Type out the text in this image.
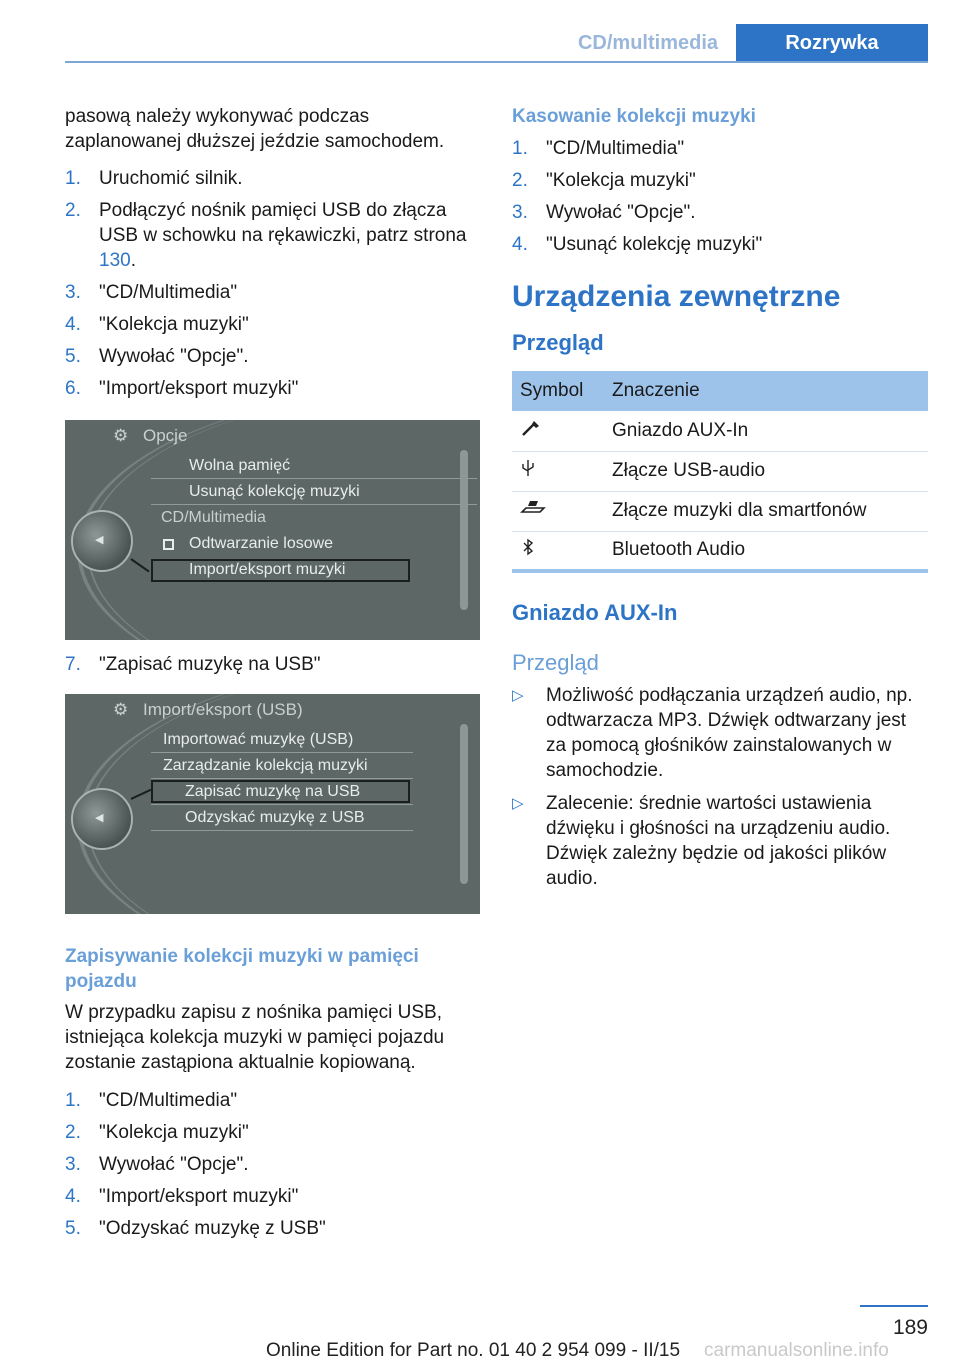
CD/multimedia	Rozrywka

pasową należy wykonywać podczas zaplanowanej dłuższej jeździe samochodem.

1. Uruchomić silnik.
2. Podłączyć nośnik pamięci USB do złącza USB w schowku na rękawiczki, patrz strona 130.
3. "CD/Multimedia"
4. "Kolekcja muzyki"
5. Wywołać "Opcje".
6. "Import/eksport muzyki"
⚙ Opcje
Wolna pamięć
Usunąć kolekcję muzyki
CD/Multimedia
Odtwarzanie losowe
Import/eksport muzyki
◀
7. "Zapisać muzykę na USB"
⚙ Import/eksport (USB)
Importować muzykę (USB)
Zarządzanie kolekcją muzyki
Zapisać muzykę na USB
Odzyskać muzykę z USB
◀
Zapisywanie kolekcji muzyki w pamięci pojazdu

W przypadku zapisu z nośnika pamięci USB, istniejąca kolekcja muzyki w pamięci pojazdu zostanie zastąpiona aktualnie kopiowaną.

1. "CD/Multimedia"
2. "Kolekcja muzyki"
3. Wywołać "Opcje".
4. "Import/eksport muzyki"
5. "Odzyskać muzykę z USB"
Kasowanie kolekcji muzyki
1. "CD/Multimedia"
2. "Kolekcja muzyki"
3. Wywołać "Opcje".
4. "Usunąć kolekcję muzyki"
Urządzenia zewnętrzne
Przegląd
Symbol	Znaczenie
	Gniazdo AUX-In
	Złącze USB-audio
	Złącze muzyki dla smartfonów
	Bluetooth Audio
Gniazdo AUX-In
Przegląd
▷ Możliwość podłączania urządzeń audio, np. odtwarzacza MP3. Dźwięk odtwarzany jest za pomocą głośników zainstalowanych w samochodzie.
▷ Zalecenie: średnie wartości ustawienia dźwięku i głośności na urządzeniu audio. Dźwięk zależny będzie od jakości plików audio.
189
Online Edition for Part no. 01 40 2 954 099 - II/15 carmanualsonline.info
